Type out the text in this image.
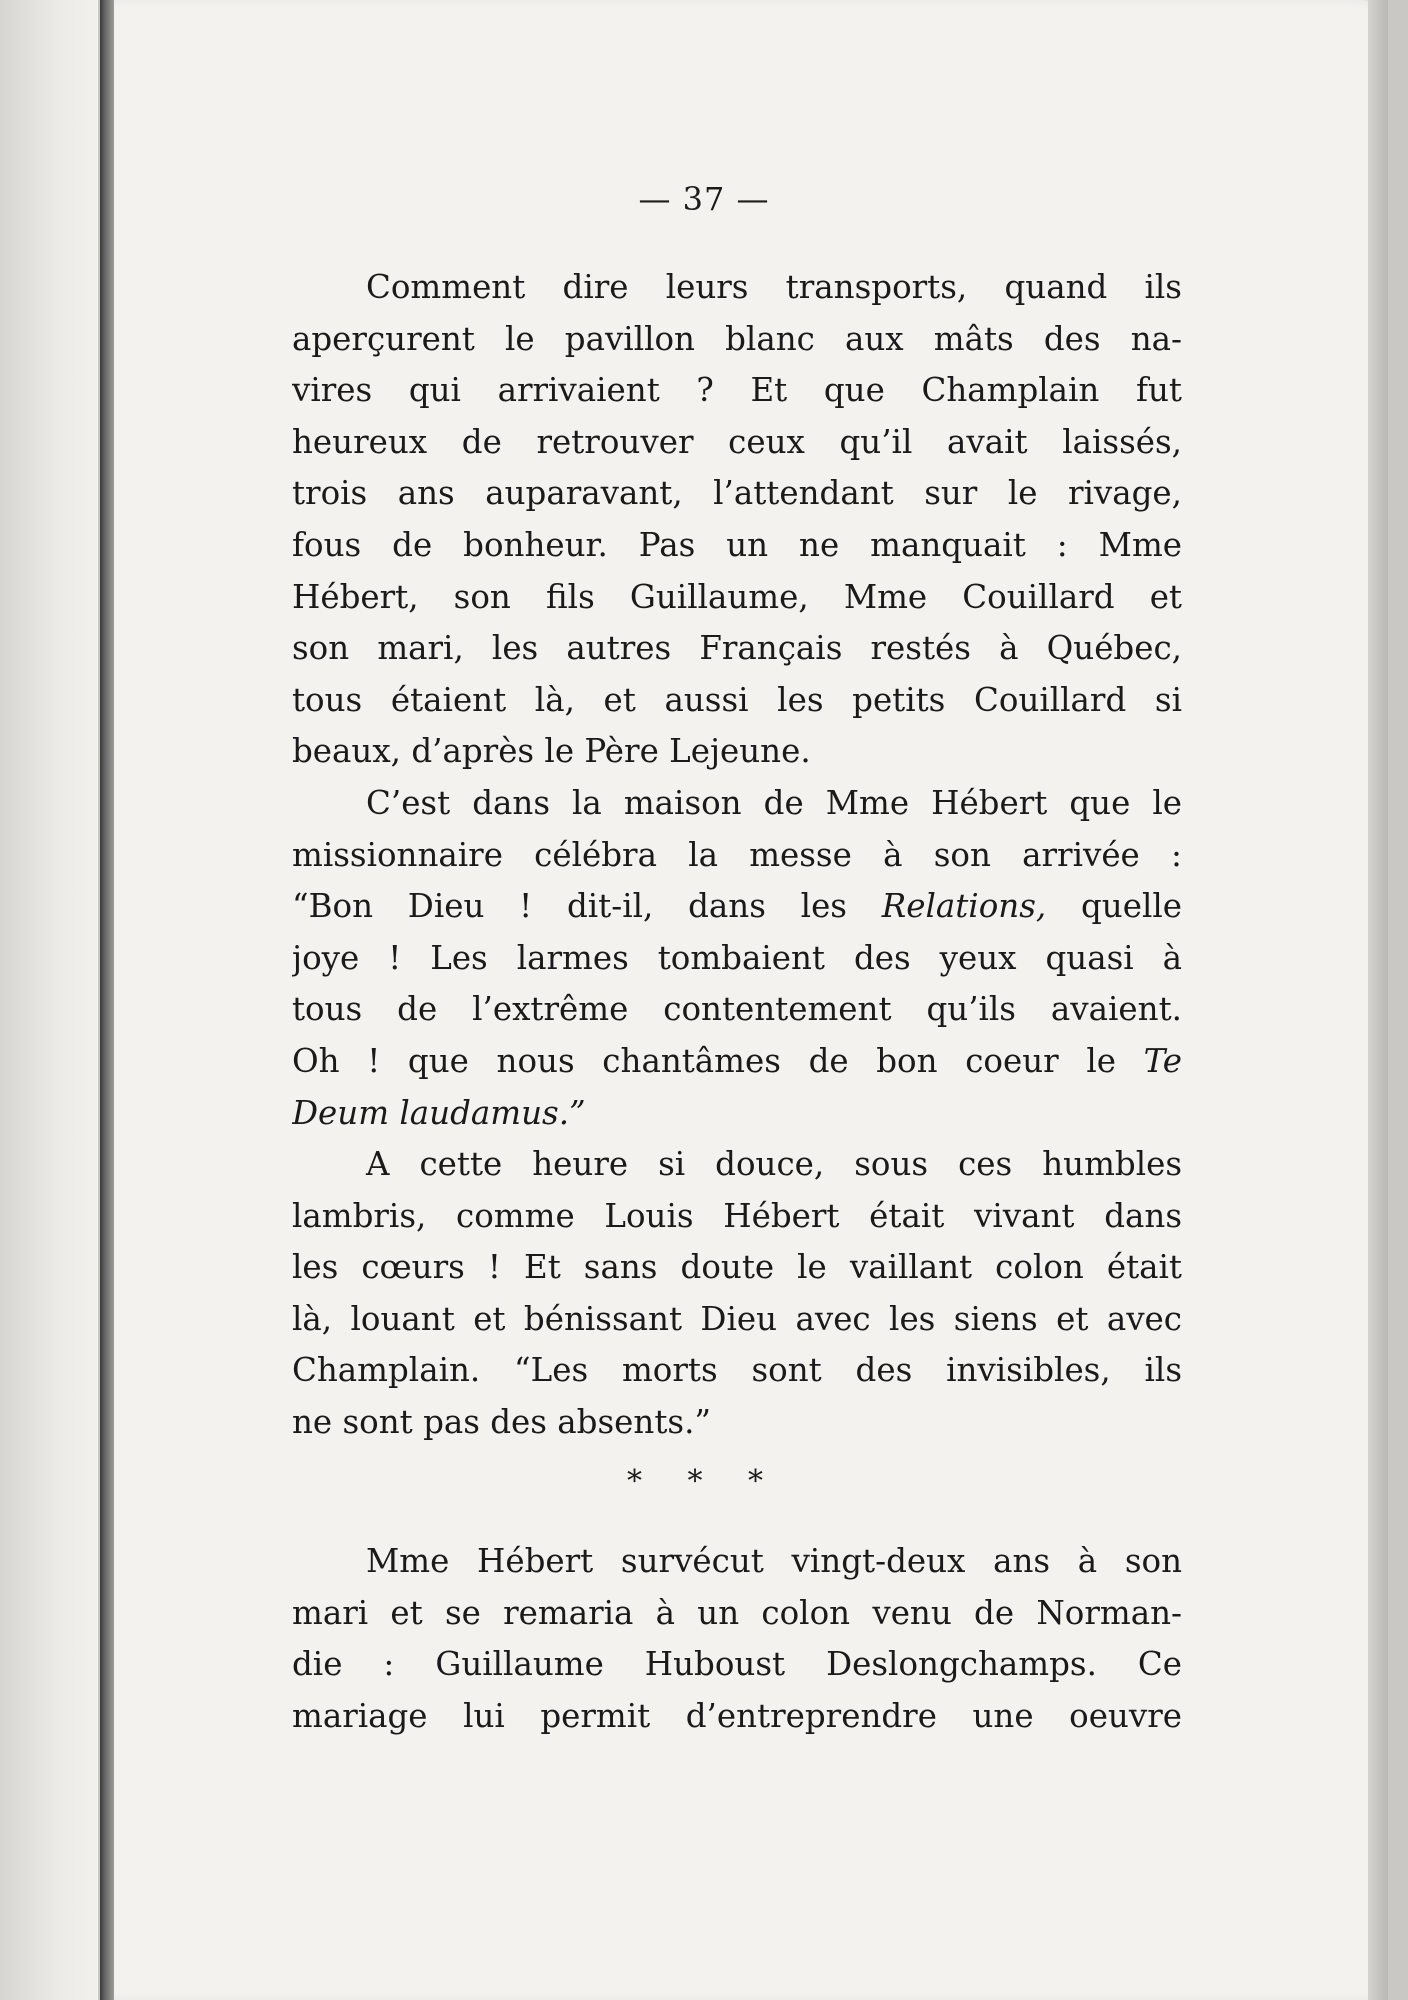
— 37 —
Comment dire leurs transports, quand ils
aperçurent le pavillon blanc aux mâts des na-
vires qui arrivaient ? Et que Champlain fut
heureux de retrouver ceux qu’il avait laissés,
trois ans auparavant, l’attendant sur le rivage,
fous de bonheur. Pas un ne manquait : Mme
Hébert, son fils Guillaume, Mme Couillard et
son mari, les autres Français restés à Québec,
tous étaient là, et aussi les petits Couillard si
beaux, d’après le Père Lejeune.
C’est dans la maison de Mme Hébert que le
missionnaire célébra la messe à son arrivée :
“Bon Dieu ! dit-il, dans les Relations, quelle
joye ! Les larmes tombaient des yeux quasi à
tous de l’extrême contentement qu’ils avaient.
Oh ! que nous chantâmes de bon coeur le Te
Deum laudamus.”
A cette heure si douce, sous ces humbles
lambris, comme Louis Hébert était vivant dans
les cœurs ! Et sans doute le vaillant colon était
là, louant et bénissant Dieu avec les siens et avec
Champlain. “Les morts sont des invisibles, ils
ne sont pas des absents.”
* * *
Mme Hébert survécut vingt-deux ans à son
mari et se remaria à un colon venu de Norman-
die : Guillaume Huboust Deslongchamps. Ce
mariage lui permit d’entreprendre une oeuvre
